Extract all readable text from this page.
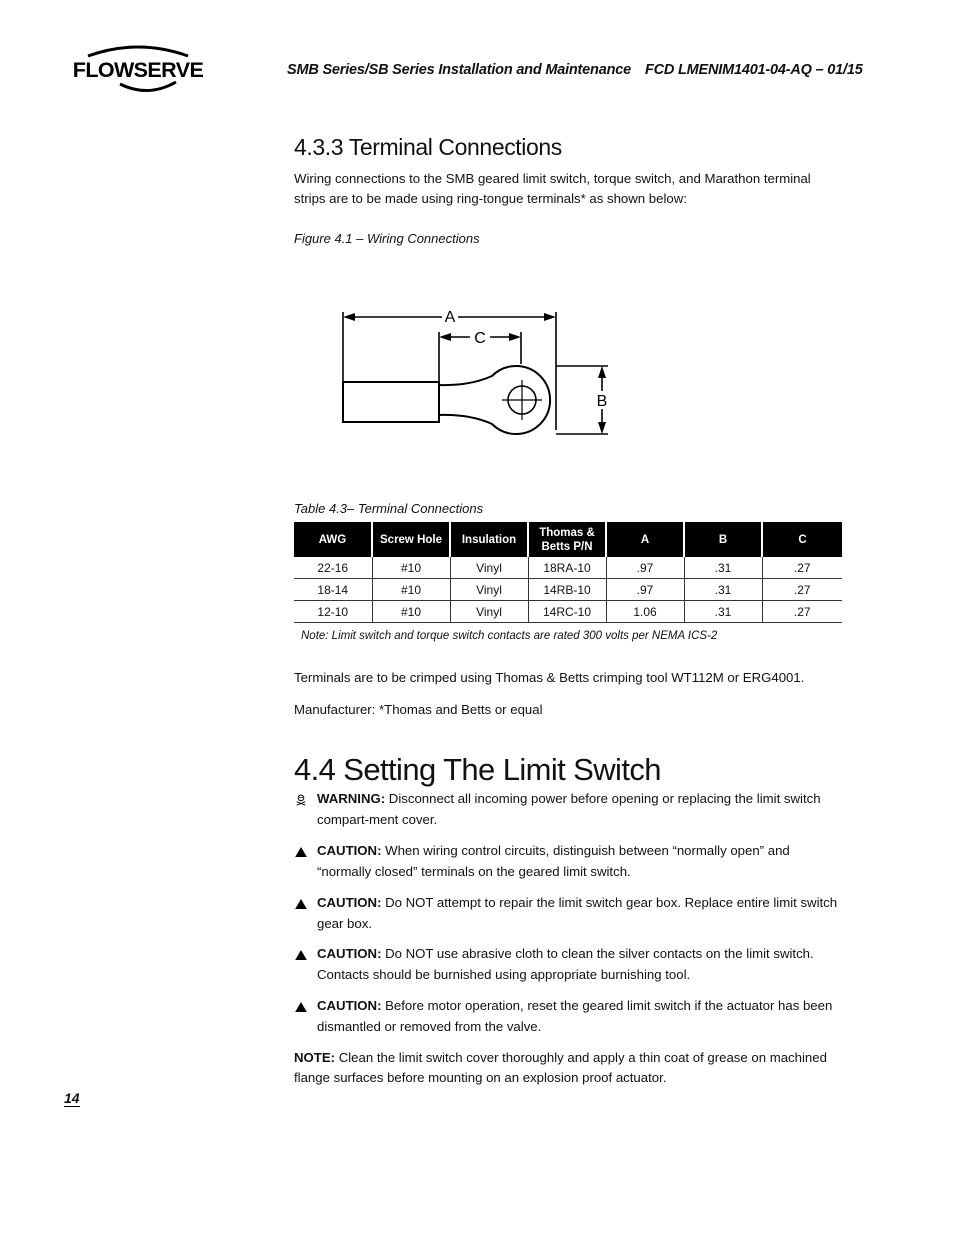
FLOWSERVE	SMB Series/SB Series Installation and Maintenance FCD LMENIM1401-04-AQ – 01/15
4.3.3 Terminal Connections
Wiring connections to the SMB geared limit switch, torque switch, and Marathon terminal strips are to be made using ring-tongue terminals* as shown below:
Figure 4.1 – Wiring Connections
A
C
B
Table 4.3– Terminal Connections
AWG	Screw Hole	Insulation	Thomas & Betts P/N	A	B	C
22-16	#10	Vinyl	18RA-10	.97	.31	.27
18-14	#10	Vinyl	14RB-10	.97	.31	.27
12-10	#10	Vinyl	14RC-10	1.06	.31	.27
Note: Limit switch and torque switch contacts are rated 300 volts per NEMA ICS-2
Terminals are to be crimped using Thomas & Betts crimping tool WT112M or ERG4001.
Manufacturer: *Thomas and Betts or equal
4.4 Setting The Limit Switch
WARNING: Disconnect all incoming power before opening or replacing the limit switch compart-ment cover.
CAUTION: When wiring control circuits, distinguish between “normally open” and “normally closed” terminals on the geared limit switch.
CAUTION: Do NOT attempt to repair the limit switch gear box. Replace entire limit switch gear box.
CAUTION: Do NOT use abrasive cloth to clean the silver contacts on the limit switch. Contacts should be burnished using appropriate burnishing tool.
CAUTION: Before motor operation, reset the geared limit switch if the actuator has been dismantled or removed from the valve.
NOTE: Clean the limit switch cover thoroughly and apply a thin coat of grease on machined flange surfaces before mounting on an explosion proof actuator.
14
